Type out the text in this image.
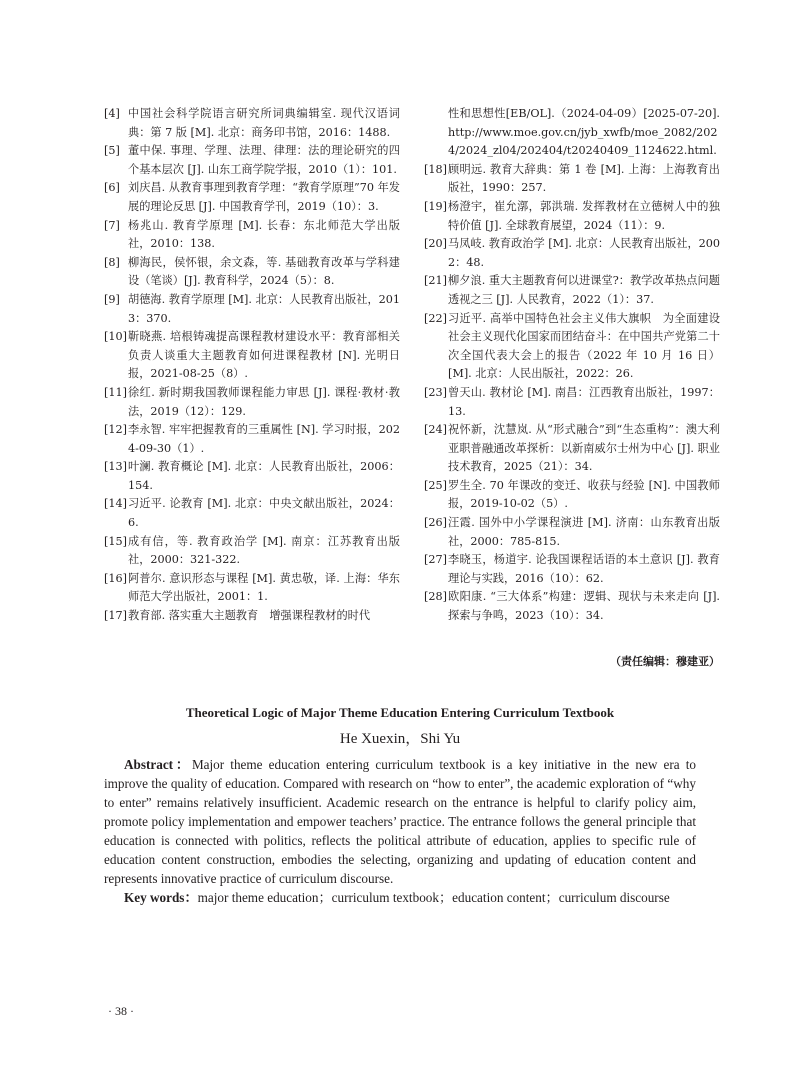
[4] 中国社会科学院语言研究所词典编辑室. 现代汉语词典：第 7 版 [M]. 北京：商务印书馆，2016：1488.
[5] 董中保. 事理、学理、法理、律理：法的理论研究的四个基本层次 [J]. 山东工商学院学报，2010（1）：101.
[6] 刘庆昌. 从教育事理到教育学理：“教育学原理”70 年发展的理论反思 [J]. 中国教育学刊，2019（10）：3.
[7] 杨兆山. 教育学原理 [M]. 长春：东北师范大学出版社，2010：138.
[8] 柳海民，侯怀银，余文森，等. 基础教育改革与学科建设（笔谈）[J]. 教育科学，2024（5）：8.
[9] 胡德海. 教育学原理 [M]. 北京：人民教育出版社，2013：370.
[10] 靳晓燕. 培根铸魂提高课程教材建设水平：教育部相关负责人谈重大主题教育如何进课程教材 [N]. 光明日报，2021-08-25（8）.
[11] 徐红. 新时期我国教师课程能力审思 [J]. 课程·教材·教法，2019（12）：129.
[12] 李永智. 牢牢把握教育的三重属性 [N]. 学习时报，2024-09-30（1）.
[13] 叶澜. 教育概论 [M]. 北京：人民教育出版社，2006：154.
[14] 习近平. 论教育 [M]. 北京：中央文献出版社，2024：6.
[15] 成有信，等. 教育政治学 [M]. 南京：江苏教育出版社，2000：321-322.
[16] 阿普尔. 意识形态与课程 [M]. 黄忠敬，译. 上海：华东师范大学出版社，2001：1.
[17] 教育部. 落实重大主题教育　增强课程教材的时代
性和思想性[EB/OL].（2024-04-09）[2025-07-20]. http://www.moe.gov.cn/jyb_xwfb/moe_2082/2024/2024_zl04/202404/t20240409_1124622.html.
[18] 顾明远. 教育大辞典：第 1 卷 [M]. 上海：上海教育出版社，1990：257.
[19] 杨澄宇，崔允漷，郭洪瑞. 发挥教材在立德树人中的独特价值 [J]. 全球教育展望，2024（11）：9.
[20] 马凤岐. 教育政治学 [M]. 北京：人民教育出版社，2002：48.
[21] 柳夕浪. 重大主题教育何以进课堂?：教学改革热点问题透视之三 [J]. 人民教育，2022（1）：37.
[22] 习近平. 高举中国特色社会主义伟大旗帜　为全面建设社会主义现代化国家而团结奋斗：在中国共产党第二十次全国代表大会上的报告（2022 年 10 月 16 日）[M]. 北京：人民出版社，2022：26.
[23] 曾天山. 教材论 [M]. 南昌：江西教育出版社，1997：13.
[24] 祝怀新，沈慧岚. 从“形式融合”到“生态重构”：澳大利亚职普融通改革探析：以新南威尔士州为中心 [J]. 职业技术教育，2025（21）：34.
[25] 罗生全. 70 年课改的变迁、收获与经验 [N]. 中国教师报，2019-10-02（5）.
[26] 汪霞. 国外中小学课程演进 [M]. 济南：山东教育出版社，2000：785-815.
[27] 李晓玉，杨道宇. 论我国课程话语的本土意识 [J]. 教育理论与实践，2016（10）：62.
[28] 欧阳康. “三大体系”构建：逻辑、现状与未来走向 [J]. 探索与争鸣，2023（10）：34.
（责任编辑：穆建亚）
Theoretical Logic of Major Theme Education Entering Curriculum Textbook
He Xuexin，Shi Yu
Abstract：Major theme education entering curriculum textbook is a key initiative in the new era to improve the quality of education. Compared with research on “how to enter”, the academic exploration of “why to enter” remains relatively insufficient. Academic research on the entrance is helpful to clarify policy aim, promote policy implementation and empower teachers’ practice. The entrance follows the general principle that education is connected with politics, reflects the political attribute of education, applies to specific rule of education content construction, embodies the selecting, organizing and updating of education content and represents innovative practice of curriculum discourse.
Key words：major theme education；curriculum textbook；education content；curriculum discourse
· 38 ·
